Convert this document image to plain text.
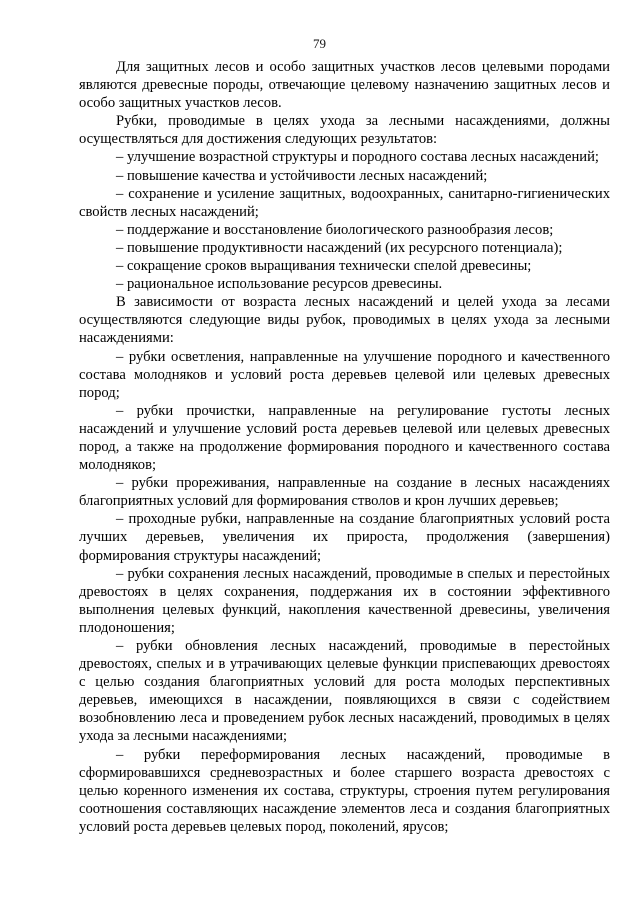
79

Для защитных лесов и особо защитных участков лесов целевыми породами являются древесные породы, отвечающие целевому назначению защитных лесов и особо защитных участков лесов.

Рубки, проводимые в целях ухода за лесными насаждениями, должны осуществляться для достижения следующих результатов:

– улучшение возрастной структуры и породного состава лесных насаждений;

– повышение качества и устойчивости лесных насаждений;

– сохранение и усиление защитных, водоохранных, санитарно-гигиенических свойств лесных насаждений;

– поддержание и восстановление биологического разнообразия лесов;

– повышение продуктивности насаждений (их ресурсного потенциала);

– сокращение сроков выращивания технически спелой древесины;

– рациональное использование ресурсов древесины.

В зависимости от возраста лесных насаждений и целей ухода за лесами осуществляются следующие виды рубок, проводимых в целях ухода за лесными насаждениями:

– рубки осветления, направленные на улучшение породного и качественного состава молодняков и условий роста деревьев целевой или целевых древесных пород;

– рубки прочистки, направленные на регулирование густоты лесных насаждений и улучшение условий роста деревьев целевой или целевых древесных пород, а также на продолжение формирования породного и качественного состава молодняков;

– рубки прореживания, направленные на создание в лесных насаждениях благоприятных условий для формирования стволов и крон лучших деревьев;

– проходные рубки, направленные на создание благоприятных условий роста лучших деревьев, увеличения их прироста, продолжения (завершения) формирования структуры насаждений;

– рубки сохранения лесных насаждений, проводимые в спелых и перестойных древостоях в целях сохранения, поддержания их в состоянии эффективного выполнения целевых функций, накопления качественной древесины, увеличения плодоношения;

– рубки обновления лесных насаждений, проводимые в перестойных древостоях, спелых и в утрачивающих целевые функции приспевающих древостоях с целью создания благоприятных условий для роста молодых перспективных деревьев, имеющихся в насаждении, появляющихся в связи с содействием возобновлению леса и проведением рубок лесных насаждений, проводимых в целях ухода за лесными насаждениями;

– рубки переформирования лесных насаждений, проводимые в сформировавшихся средневозрастных и более старшего возраста древостоях с целью коренного изменения их состава, структуры, строения путем регулирования соотношения составляющих насаждение элементов леса и создания благоприятных условий роста деревьев целевых пород, поколений, ярусов;
